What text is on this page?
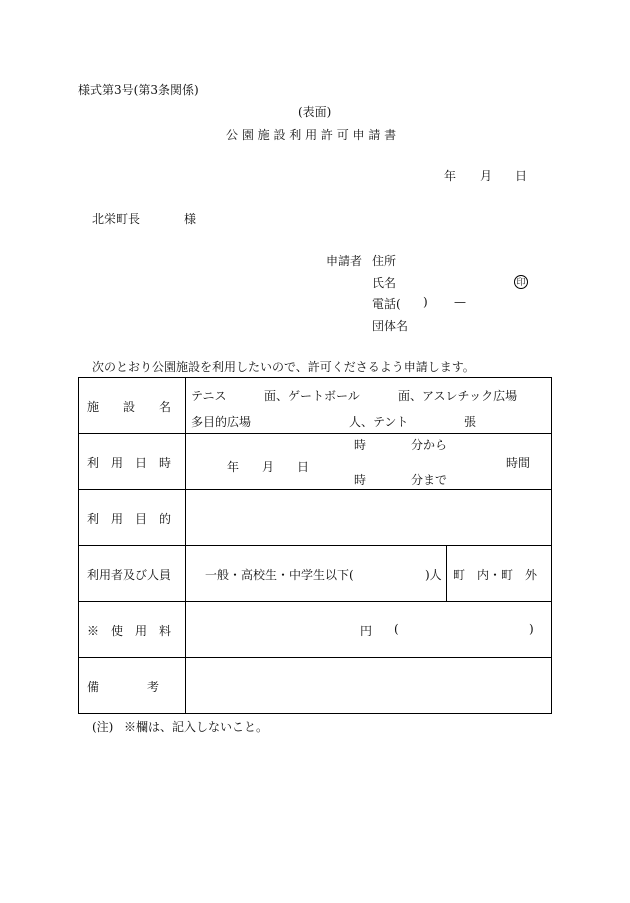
様式第3号(第3条関係)
(表面)
公 園 施 設 利 用 許 可 申 請 書
年 月 日
北栄町長	様
申請者 住所
氏名	印
電話( ) —
団体名
次のとおり公園施設を利用したいので、許可くださるよう申請します。
施　　設　　名
テニス	面、ゲートボール	面、アスレチック広場
多目的広場	人、テント	張
利　用　日　時	年 月 日
時	分から
時	分まで
時間
利　用　目　的
利用者及び人員	一般・高校生・中学生以下(	)人 町　内・町　外
※　使　用　料	円 (	)
備　　　　考
(注) ※欄は、記入しないこと。
